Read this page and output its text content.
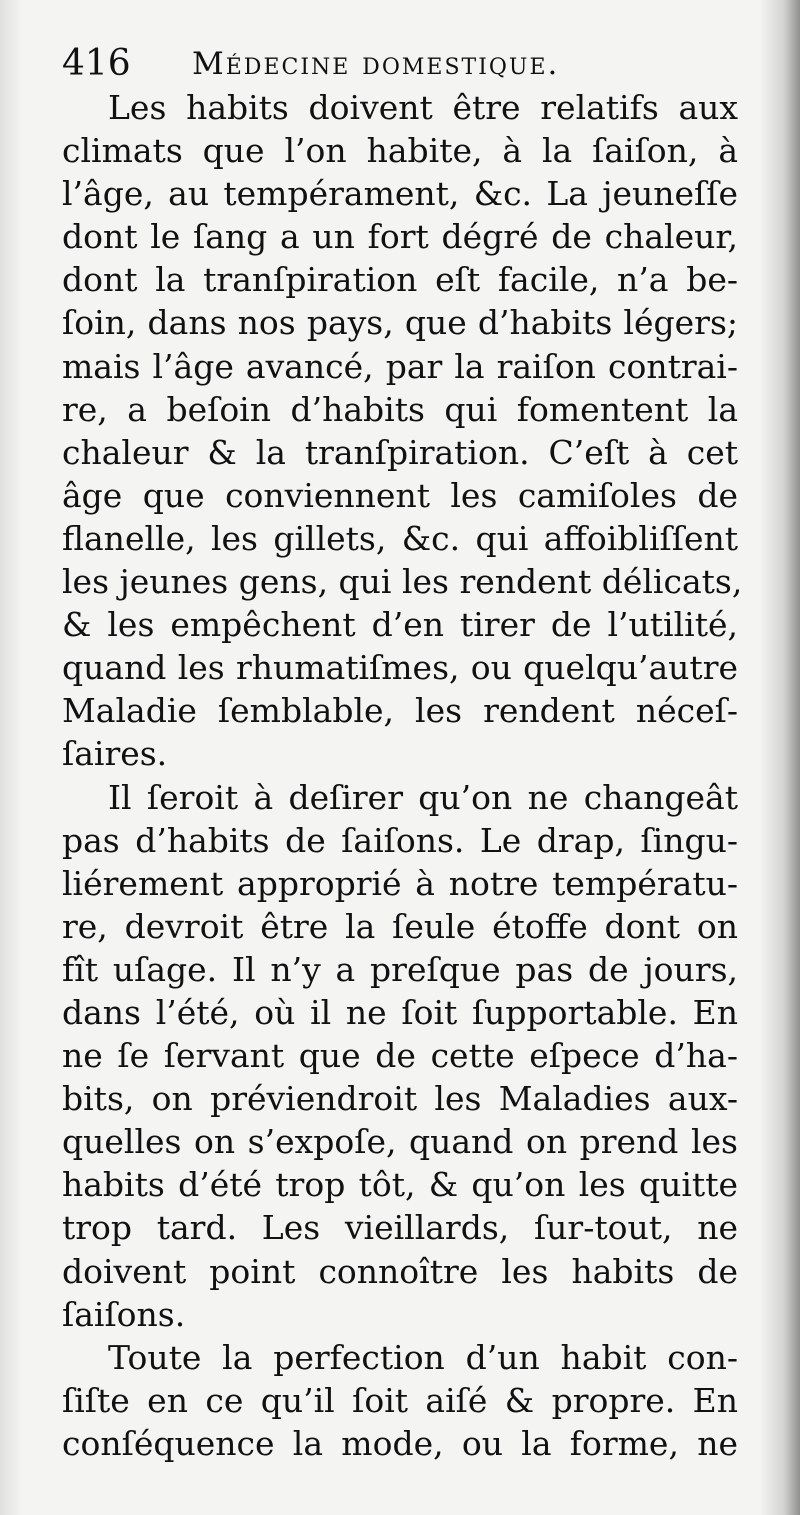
416 Médecine domestique.
Les habits doivent être relatifs aux
climats que l’on habite, à la ſaiſon, à
l’âge, au tempérament, &c. La jeuneſſe
dont le ſang a un fort dégré de chaleur,
dont la tranſpiration eſt facile, n’a be-
ſoin, dans nos pays, que d’habits légers;
mais l’âge avancé, par la raiſon contrai-
re, a beſoin d’habits qui fomentent la
chaleur & la tranſpiration. C’eſt à cet
âge que conviennent les camiſoles de
flanelle, les gillets, &c. qui affoibliſſent
les jeunes gens, qui les rendent délicats,
& les empêchent d’en tirer de l’utilité,
quand les rhumatiſmes, ou quelqu’autre
Maladie ſemblable, les rendent néceſ-
ſaires.
Il ſeroit à deſirer qu’on ne changeât
pas d’habits de ſaiſons. Le drap, ſingu-
liérement approprié à notre températu-
re, devroit être la ſeule étoffe dont on
fît uſage. Il n’y a preſque pas de jours,
dans l’été, où il ne ſoit ſupportable. En
ne ſe ſervant que de cette eſpece d’ha-
bits, on préviendroit les Maladies aux-
quelles on s’expoſe, quand on prend les
habits d’été trop tôt, & qu’on les quitte
trop tard. Les vieillards, ſur-tout, ne
doivent point connoître les habits de
ſaiſons.
Toute la perfection d’un habit con-
ſiſte en ce qu’il ſoit aiſé & propre. En
conſéquence la mode, ou la forme, ne
